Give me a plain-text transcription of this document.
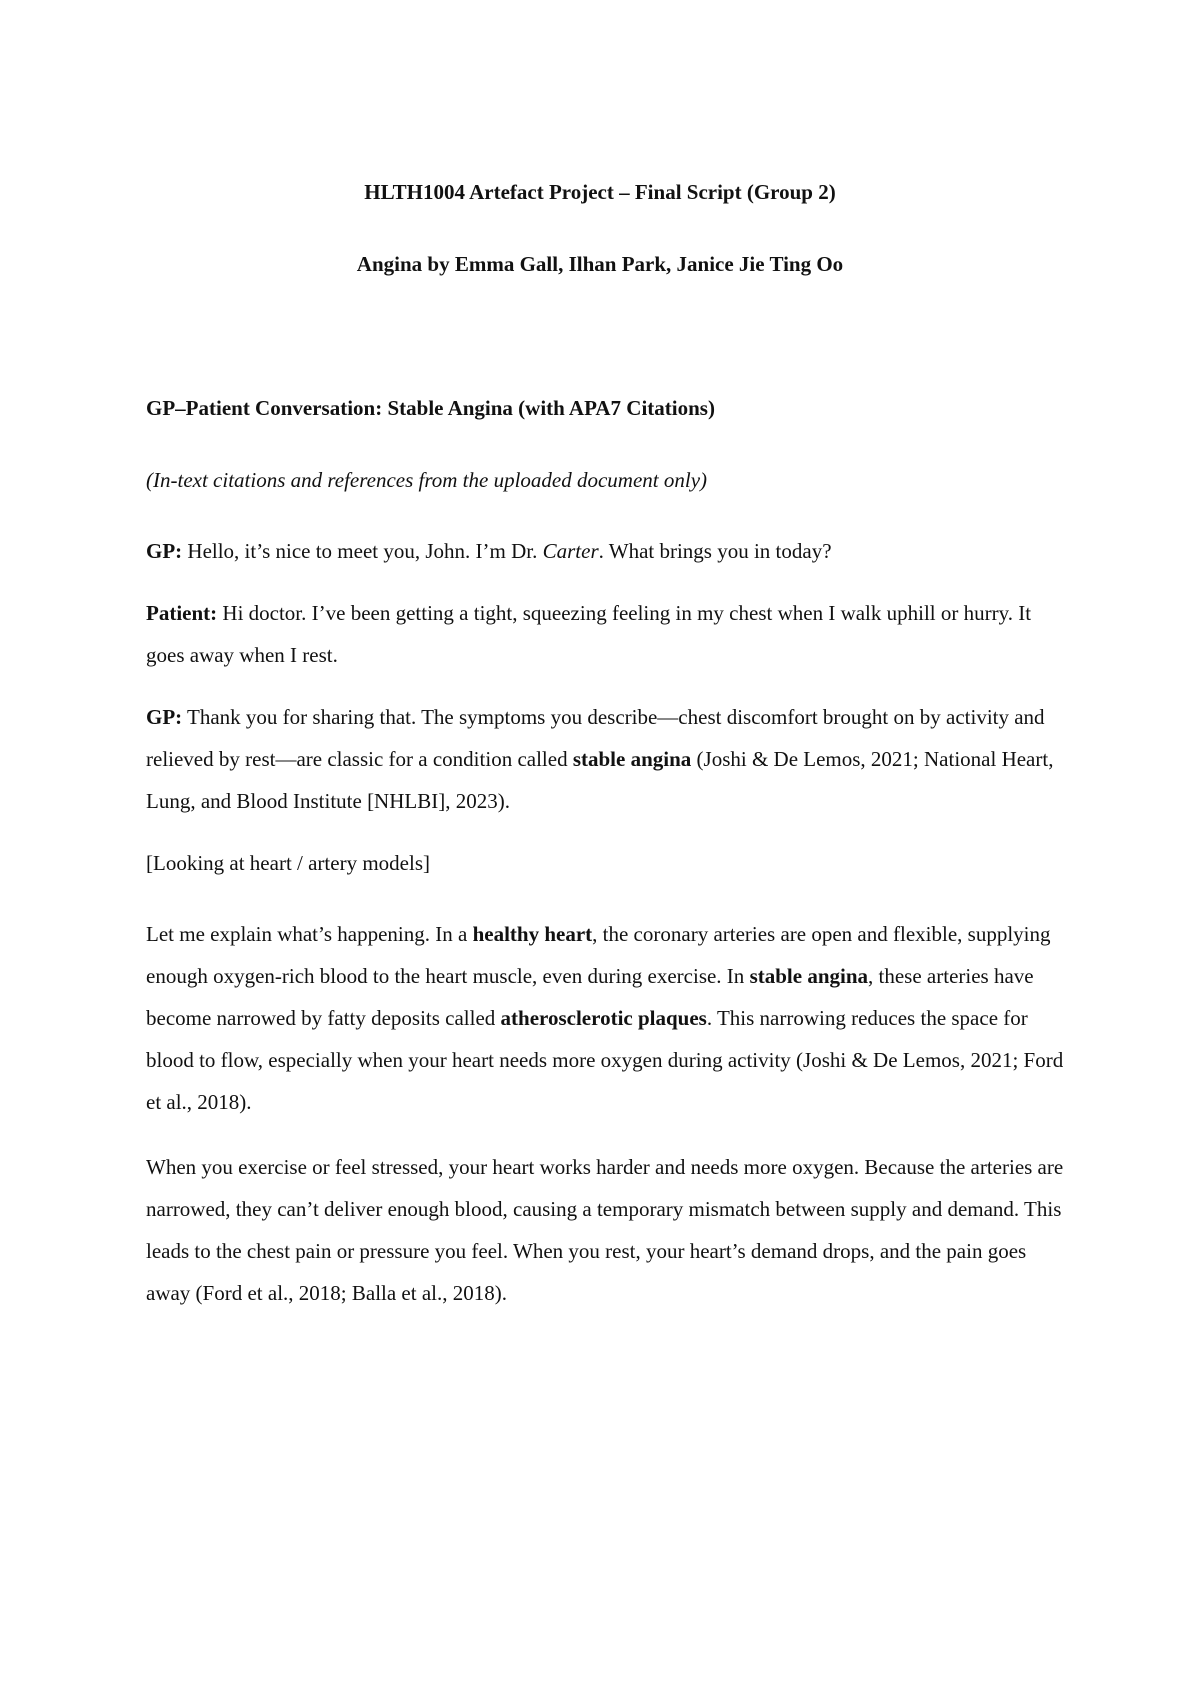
HLTH1004 Artefact Project – Final Script (Group 2)

Angina by Emma Gall, Ilhan Park, Janice Jie Ting Oo

GP–Patient Conversation: Stable Angina (with APA7 Citations)

(In-text citations and references from the uploaded document only)

GP: Hello, it’s nice to meet you, John. I’m Dr. Carter. What brings you in today?

Patient: Hi doctor. I’ve been getting a tight, squeezing feeling in my chest when I walk uphill or hurry. It goes away when I rest.

GP: Thank you for sharing that. The symptoms you describe—chest discomfort brought on by activity and relieved by rest—are classic for a condition called stable angina (Joshi & De Lemos, 2021; National Heart, Lung, and Blood Institute [NHLBI], 2023).

[Looking at heart / artery models]

Let me explain what’s happening. In a healthy heart, the coronary arteries are open and flexible, supplying enough oxygen-rich blood to the heart muscle, even during exercise. In stable angina, these arteries have become narrowed by fatty deposits called atherosclerotic plaques. This narrowing reduces the space for blood to flow, especially when your heart needs more oxygen during activity (Joshi & De Lemos, 2021; Ford et al., 2018).

When you exercise or feel stressed, your heart works harder and needs more oxygen. Because the arteries are narrowed, they can’t deliver enough blood, causing a temporary mismatch between supply and demand. This leads to the chest pain or pressure you feel. When you rest, your heart’s demand drops, and the pain goes away (Ford et al., 2018; Balla et al., 2018).
